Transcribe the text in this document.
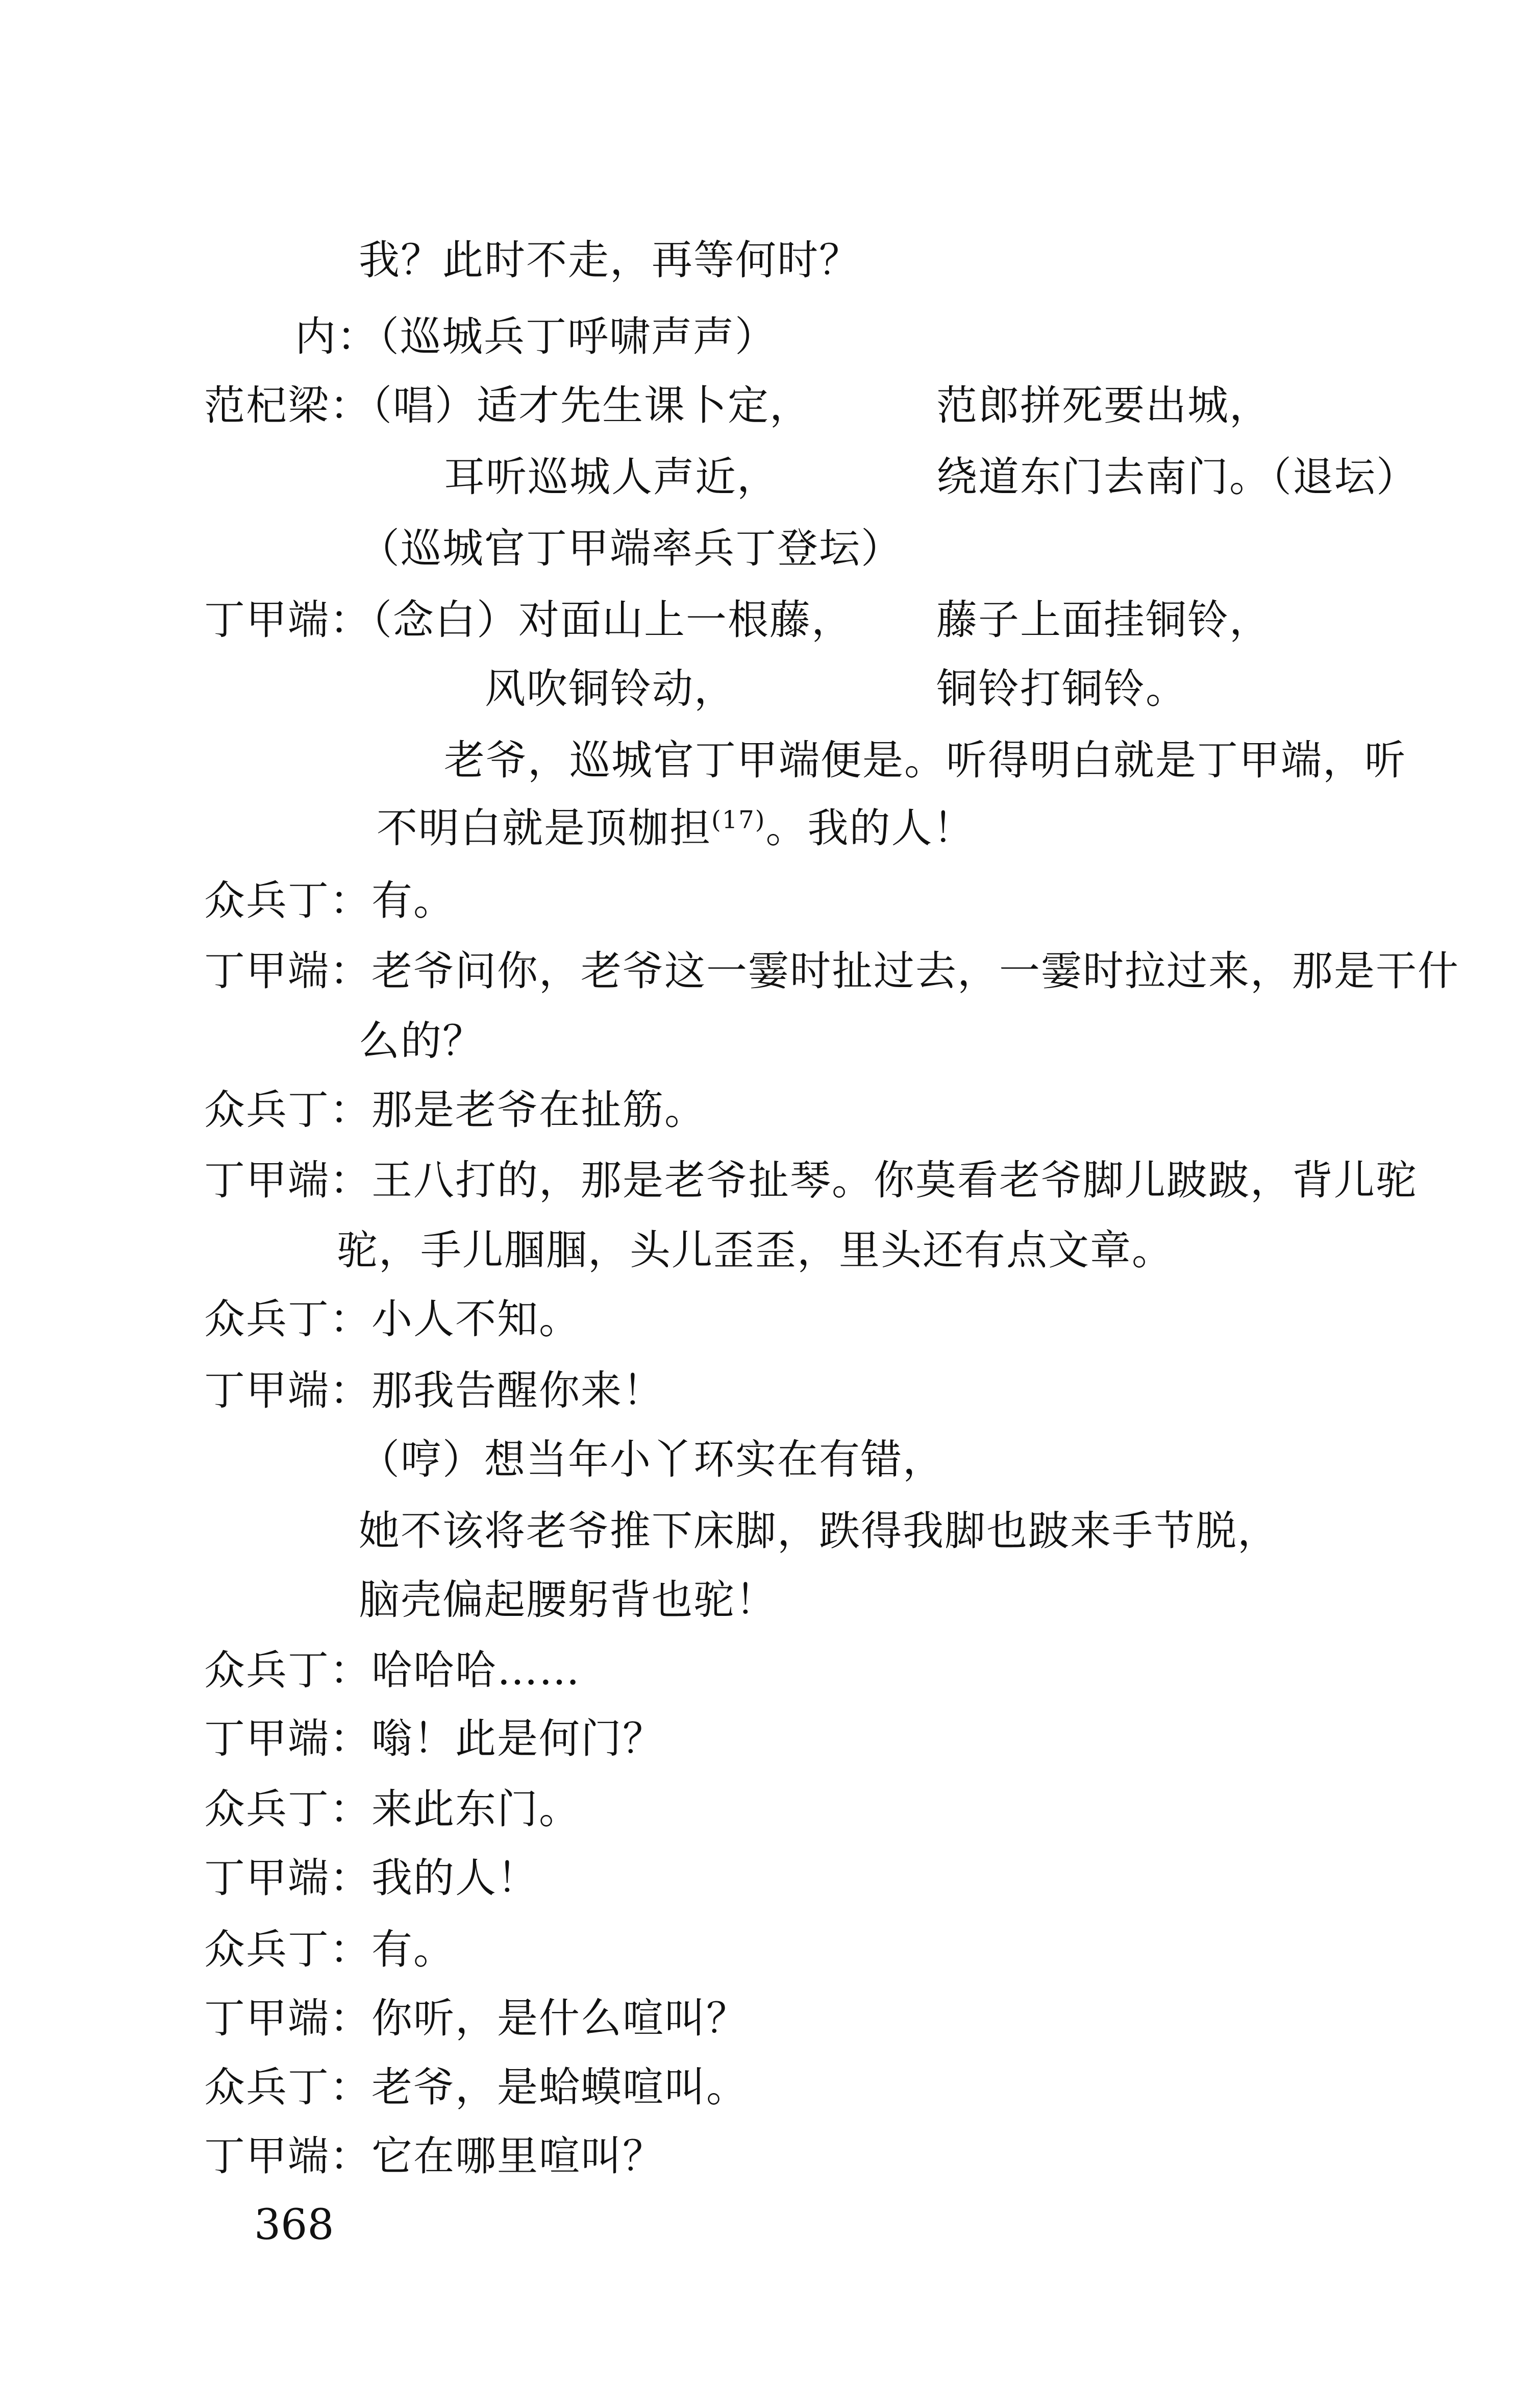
我？此时不走，再等何时？
内：（巡城兵丁呼啸声声）
范杞梁：（唱）适才先生课卜定，	范郎拼死要出城，
耳听巡城人声近，	绕道东门去南门。（退坛）
（巡城官丁甲端率兵丁登坛）
丁甲端：（念白）对面山上一根藤， 藤子上面挂铜铃，
风吹铜铃动，	铜铃打铜铃。
老爷，巡城官丁甲端便是。听得明白就是丁甲端，听
不明白就是顶枷担$^{(17)}$。我的人！
众兵丁：有。
丁甲端：老爷问你，老爷这一霎时扯过去，一霎时拉过来，那是干什
么的？
众兵丁：那是老爷在扯筋。
丁甲端：王八打的，那是老爷扯琴。你莫看老爷脚儿跛跛，背儿驼
驼，手儿腘腘，头儿歪歪，里头还有点文章。
众兵丁：小人不知。
丁甲端：那我告醒你来！
（哼）想当年小丫环实在有错，
她不该将老爷推下床脚，跌得我脚也跛来手节脱，
脑壳偏起腰躬背也驼！
众兵丁：哈哈哈……
丁甲端：嗡！此是何门？
众兵丁：来此东门。
丁甲端：我的人！
众兵丁：有。
丁甲端：你听，是什么喧叫？
众兵丁：老爷，是蛤蟆喧叫。
丁甲端：它在哪里喧叫？
368
